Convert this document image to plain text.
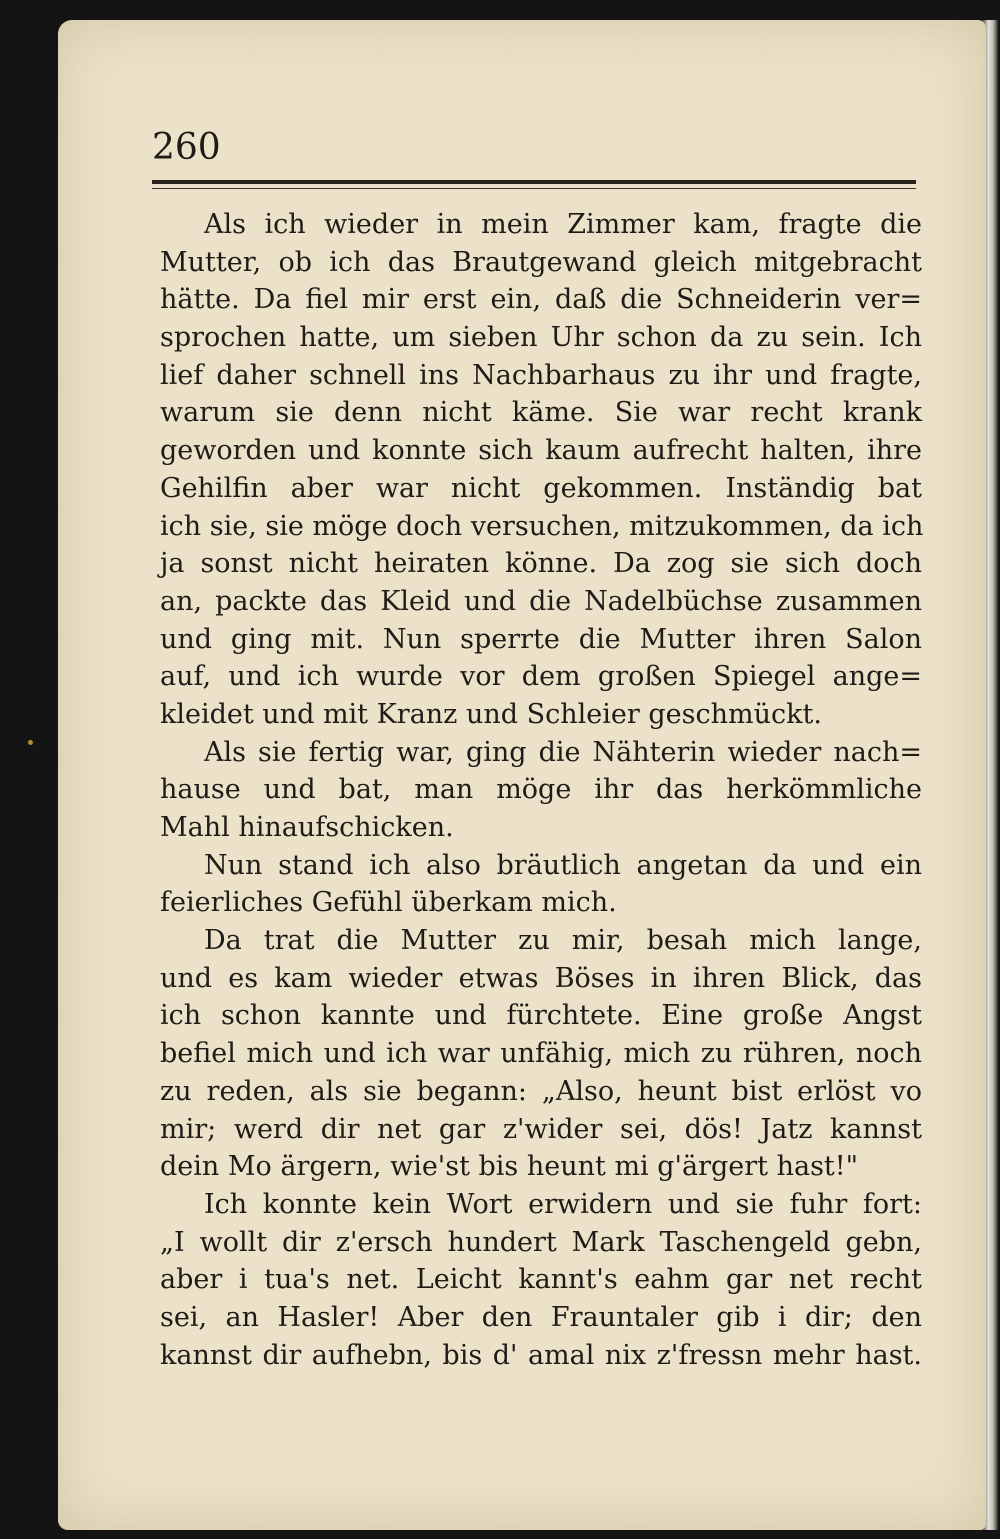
260

Als ich wieder in mein Zimmer kam, fragte die
Mutter, ob ich das Brautgewand gleich mitgebracht
hätte. Da fiel mir erst ein, daß die Schneiderin ver=
sprochen hatte, um sieben Uhr schon da zu sein. Ich
lief daher schnell ins Nachbarhaus zu ihr und fragte,
warum sie denn nicht käme. Sie war recht krank
geworden und konnte sich kaum aufrecht halten, ihre
Gehilfin aber war nicht gekommen. Inständig bat
ich sie, sie möge doch versuchen, mitzukommen, da ich
ja sonst nicht heiraten könne. Da zog sie sich doch
an, packte das Kleid und die Nadelbüchse zusammen
und ging mit. Nun sperrte die Mutter ihren Salon
auf, und ich wurde vor dem großen Spiegel ange=
kleidet und mit Kranz und Schleier geschmückt.
Als sie fertig war, ging die Nähterin wieder nach=
hause und bat, man möge ihr das herkömmliche
Mahl hinaufschicken.
Nun stand ich also bräutlich angetan da und ein
feierliches Gefühl überkam mich.
Da trat die Mutter zu mir, besah mich lange,
und es kam wieder etwas Böses in ihren Blick, das
ich schon kannte und fürchtete. Eine große Angst
befiel mich und ich war unfähig, mich zu rühren, noch
zu reden, als sie begann: „Also, heunt bist erlöst vo
mir; werd dir net gar z'wider sei, dös! Jatz kannst
dein Mo ärgern, wie'st bis heunt mi g'ärgert hast!"
Ich konnte kein Wort erwidern und sie fuhr fort:
„I wollt dir z'ersch hundert Mark Taschengeld gebn,
aber i tua's net. Leicht kannt's eahm gar net recht
sei, an Hasler! Aber den Frauntaler gib i dir; den
kannst dir aufhebn, bis d' amal nix z'fressn mehr hast.
